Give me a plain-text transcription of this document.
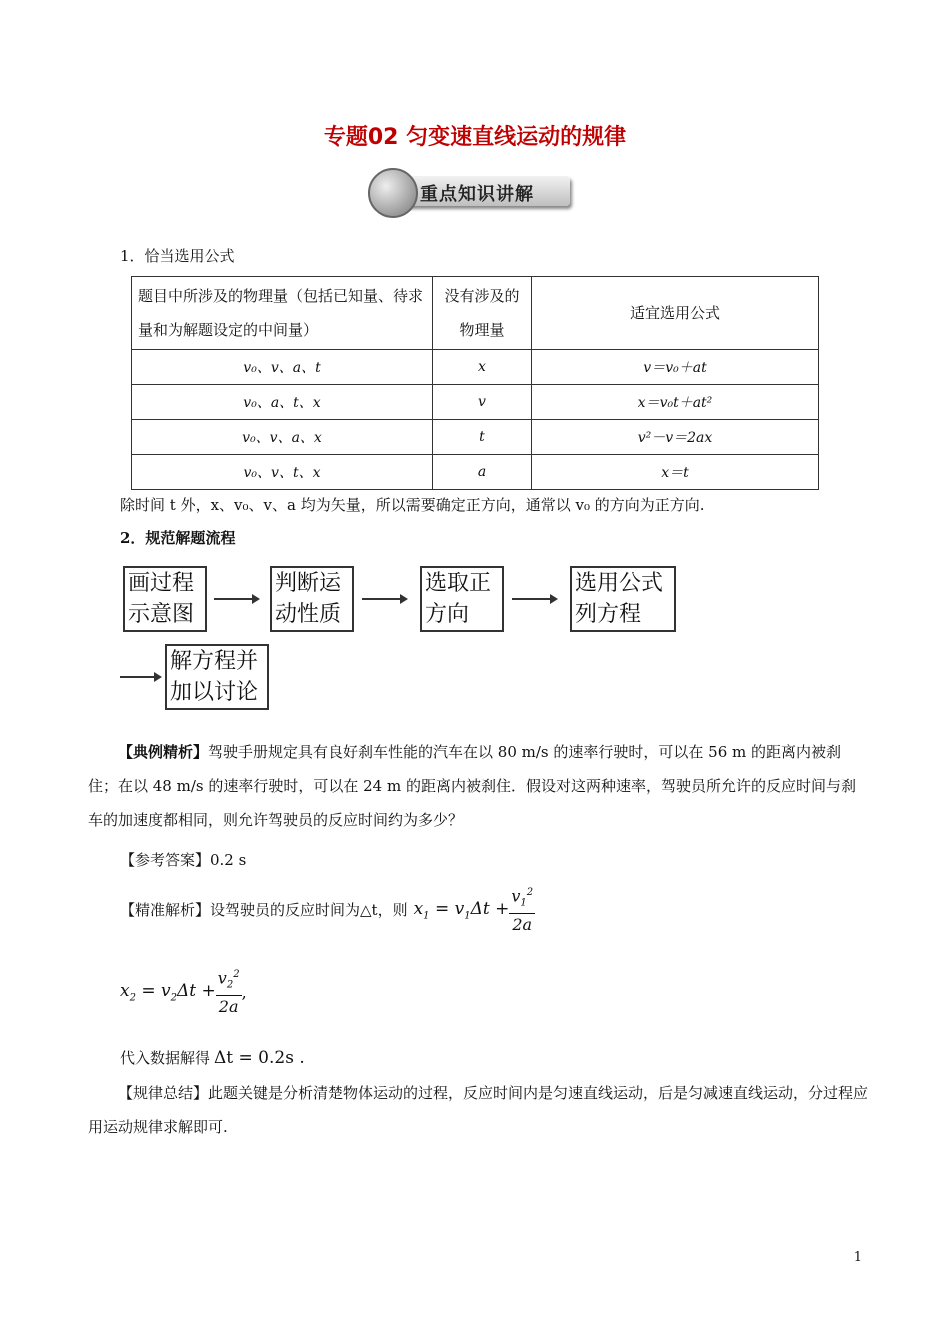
专题02 匀变速直线运动的规律
重点知识讲解
1．恰当选用公式
题目中所涉及的物理量（包括已知量、待求量和为解题设定的中间量）	没有涉及的物理量	适宜选用公式
v₀、v、a、t	x	v＝v₀＋at
v₀、a、t、x	v	x＝v₀t＋at²
v₀、v、a、x	t	v²－v＝2ax
v₀、v、t、x	a	x＝t
除时间 t 外，x、v₀、v、a 均为矢量，所以需要确定正方向，通常以 v₀ 的方向为正方向.
2．规范解题流程
画过程示意图
判断运动性质
选取正方向
选用公式列方程
解方程并加以讨论
【典例精析】驾驶手册规定具有良好刹车性能的汽车在以 80 m/s 的速率行驶时，可以在 56 m 的距离内被刹住；在以 48 m/s 的速率行驶时，可以在 24 m 的距离内被刹住．假设对这两种速率，驾驶员所允许的反应时间与刹车的加速度都相同，则允许驾驶员的反应时间约为多少？
【参考答案】0.2 s
【精准解析】设驾驶员的反应时间为△t，则 $x_1 = v_1\Delta t + \frac{v_1^2}{2a}$
$x_2 = v_2\Delta t + \frac{v_2^2}{2a}$ ,
代入数据解得 Δt = 0.2s .
【规律总结】此题关键是分析清楚物体运动的过程，反应时间内是匀速直线运动，后是匀减速直线运动，分过程应用运动规律求解即可.
1
